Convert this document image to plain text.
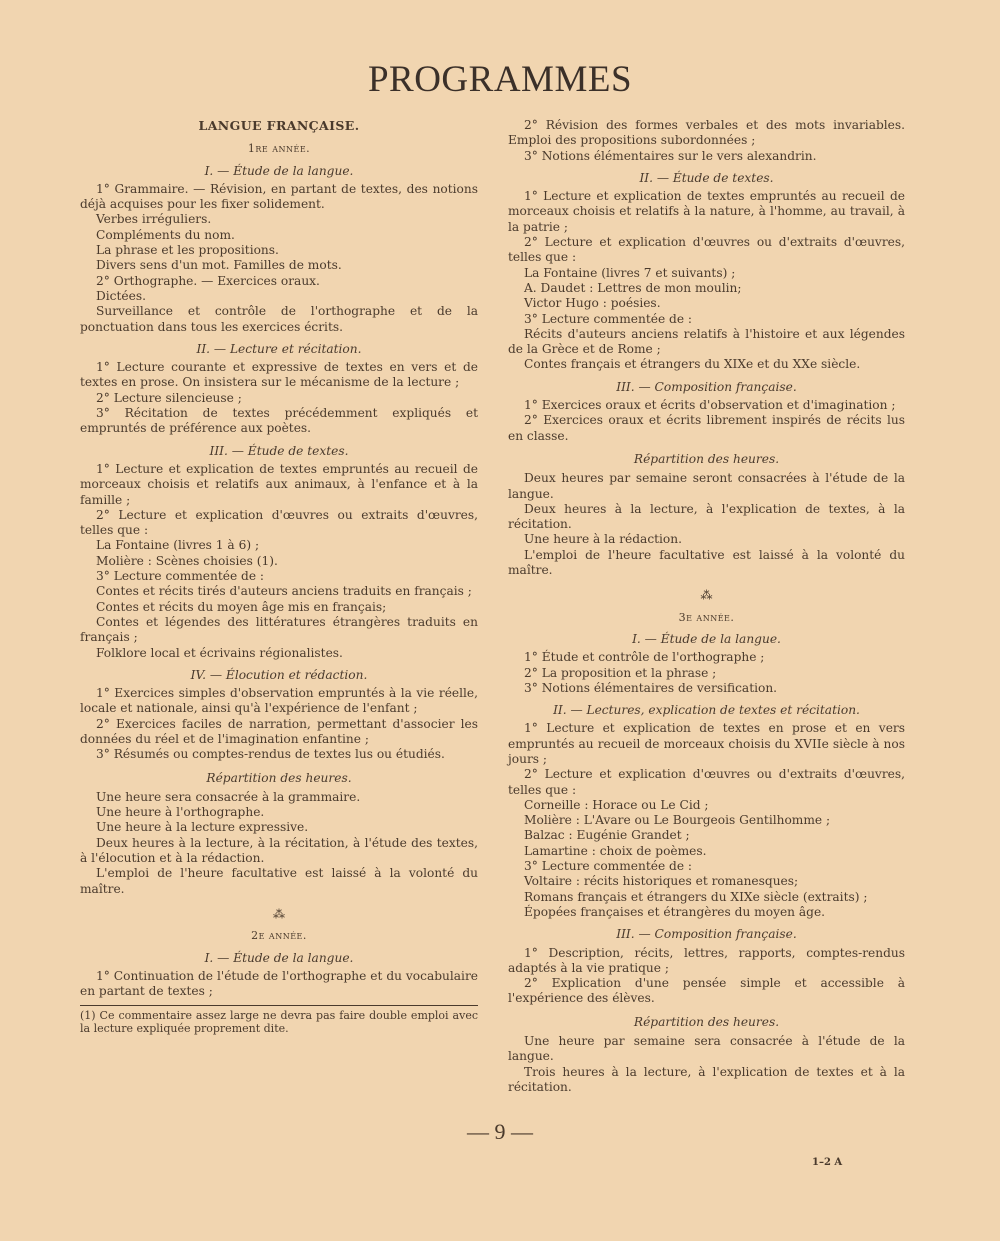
PROGRAMMES
LANGUE FRANÇAISE.
1re année.
I. — Étude de la langue.

1° Grammaire. — Révision, en partant de textes, des notions déjà acquises pour les fixer solidement.

Verbes irréguliers.

Compléments du nom.

La phrase et les propositions.

Divers sens d'un mot. Familles de mots.

2° Orthographe. — Exercices oraux.

Dictées.

Surveillance et contrôle de l'orthographe et de la ponctuation dans tous les exercices écrits.

II. — Lecture et récitation.

1° Lecture courante et expressive de textes en vers et de textes en prose. On insistera sur le mécanisme de la lecture ;

2° Lecture silencieuse ;

3° Récitation de textes précédemment expliqués et empruntés de préférence aux poètes.

III. — Étude de textes.

1° Lecture et explication de textes empruntés au recueil de morceaux choisis et relatifs aux animaux, à l'enfance et à la famille ;

2° Lecture et explication d'œuvres ou extraits d'œuvres, telles que :

La Fontaine (livres 1 à 6) ;

Molière : Scènes choisies (1).

3° Lecture commentée de :

Contes et récits tirés d'auteurs anciens traduits en français ;

Contes et récits du moyen âge mis en français;

Contes et légendes des littératures étrangères traduits en français ;

Folklore local et écrivains régionalistes.

IV. — Élocution et rédaction.

1° Exercices simples d'observation empruntés à la vie réelle, locale et nationale, ainsi qu'à l'expérience de l'enfant ;

2° Exercices faciles de narration, permettant d'associer les données du réel et de l'imagination enfantine ;

3° Résumés ou comptes-rendus de textes lus ou étudiés.

Répartition des heures.

Une heure sera consacrée à la grammaire.

Une heure à l'orthographe.

Une heure à la lecture expressive.

Deux heures à la lecture, à la récitation, à l'étude des textes, à l'élocution et à la rédaction.

L'emploi de l'heure facultative est laissé à la volonté du maître.

⁂
2e année.
I. — Étude de la langue.

1° Continuation de l'étude de l'orthographe et du vocabulaire en partant de textes ;

(1) Ce commentaire assez large ne devra pas faire double emploi avec la lecture expliquée proprement dite.

2° Révision des formes verbales et des mots invariables. Emploi des propositions subordonnées ;

3° Notions élémentaires sur le vers alexandrin.

II. — Étude de textes.

1° Lecture et explication de textes empruntés au recueil de morceaux choisis et relatifs à la nature, à l'homme, au travail, à la patrie ;

2° Lecture et explication d'œuvres ou d'extraits d'œuvres, telles que :

La Fontaine (livres 7 et suivants) ;

A. Daudet : Lettres de mon moulin;

Victor Hugo : poésies.

3° Lecture commentée de :

Récits d'auteurs anciens relatifs à l'histoire et aux légendes de la Grèce et de Rome ;

Contes français et étrangers du XIXe et du XXe siècle.

III. — Composition française.

1° Exercices oraux et écrits d'observation et d'imagination ;

2° Exercices oraux et écrits librement inspirés de récits lus en classe.

Répartition des heures.

Deux heures par semaine seront consacrées à l'étude de la langue.

Deux heures à la lecture, à l'explication de textes, à la récitation.

Une heure à la rédaction.

L'emploi de l'heure facultative est laissé à la volonté du maître.

⁂
3e année.
I. — Étude de la langue.

1° Étude et contrôle de l'orthographe ;

2° La proposition et la phrase ;

3° Notions élémentaires de versification.

II. — Lectures, explication de textes et récitation.

1° Lecture et explication de textes en prose et en vers empruntés au recueil de morceaux choisis du XVIIe siècle à nos jours ;

2° Lecture et explication d'œuvres ou d'extraits d'œuvres, telles que :

Corneille : Horace ou Le Cid ;

Molière : L'Avare ou Le Bourgeois Gentilhomme ;

Balzac : Eugénie Grandet ;

Lamartine : choix de poèmes.

3° Lecture commentée de :

Voltaire : récits historiques et romanesques;

Romans français et étrangers du XIXe siècle (extraits) ;

Épopées françaises et étrangères du moyen âge.

III. — Composition française.

1° Description, récits, lettres, rapports, comptes-rendus adaptés à la vie pratique ;

2° Explication d'une pensée simple et accessible à l'expérience des élèves.

Répartition des heures.

Une heure par semaine sera consacrée à l'étude de la langue.

Trois heures à la lecture, à l'explication de textes et à la récitation.

— 9 —
1–2 A
